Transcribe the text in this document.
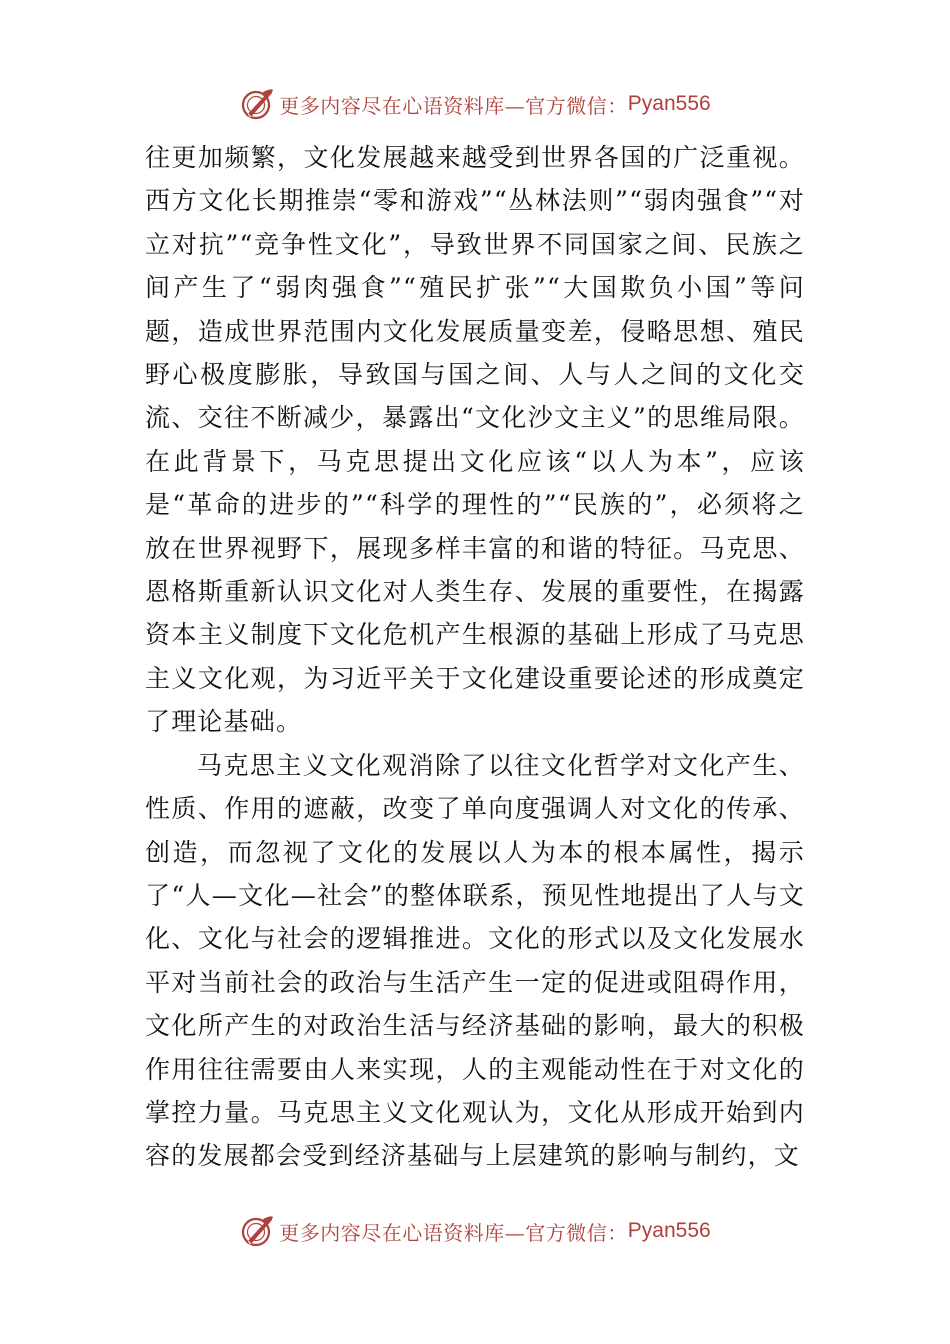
更多内容尽在心语资料库—官方微信： Pyan556

往更加频繁，文化发展越来越受到世界各国的广泛重视。西方文化长期推崇“零和游戏”“丛林法则”“弱肉强食”“对立对抗”“竞争性文化”，导致世界不同国家之间、民族之间产生了“弱肉强食”“殖民扩张”“大国欺负小国”等问题，造成世界范围内文化发展质量变差，侵略思想、殖民野心极度膨胀，导致国与国之间、人与人之间的文化交流、交往不断减少，暴露出“文化沙文主义”的思维局限。在此背景下，马克思提出文化应该“以人为本”，应该是“革命的进步的”“科学的理性的”“民族的”，必须将之放在世界视野下，展现多样丰富的和谐的特征。马克思、恩格斯重新认识文化对人类生存、发展的重要性，在揭露资本主义制度下文化危机产生根源的基础上形成了马克思主义文化观，为习近平关于文化建设重要论述的形成奠定了理论基础。

马克思主义文化观消除了以往文化哲学对文化产生、性质、作用的遮蔽，改变了单向度强调人对文化的传承、创造，而忽视了文化的发展以人为本的根本属性，揭示了“人—文化—社会”的整体联系，预见性地提出了人与文化、文化与社会的逻辑推进。文化的形式以及文化发展水平对当前社会的政治与生活产生一定的促进或阻碍作用，文化所产生的对政治生活与经济基础的影响，最大的积极作用往往需要由人来实现，人的主观能动性在于对文化的掌控力量。马克思主义文化观认为，文化从形成开始到内容的发展都会受到经济基础与上层建筑的影响与制约，文

更多内容尽在心语资料库—官方微信： Pyan556
